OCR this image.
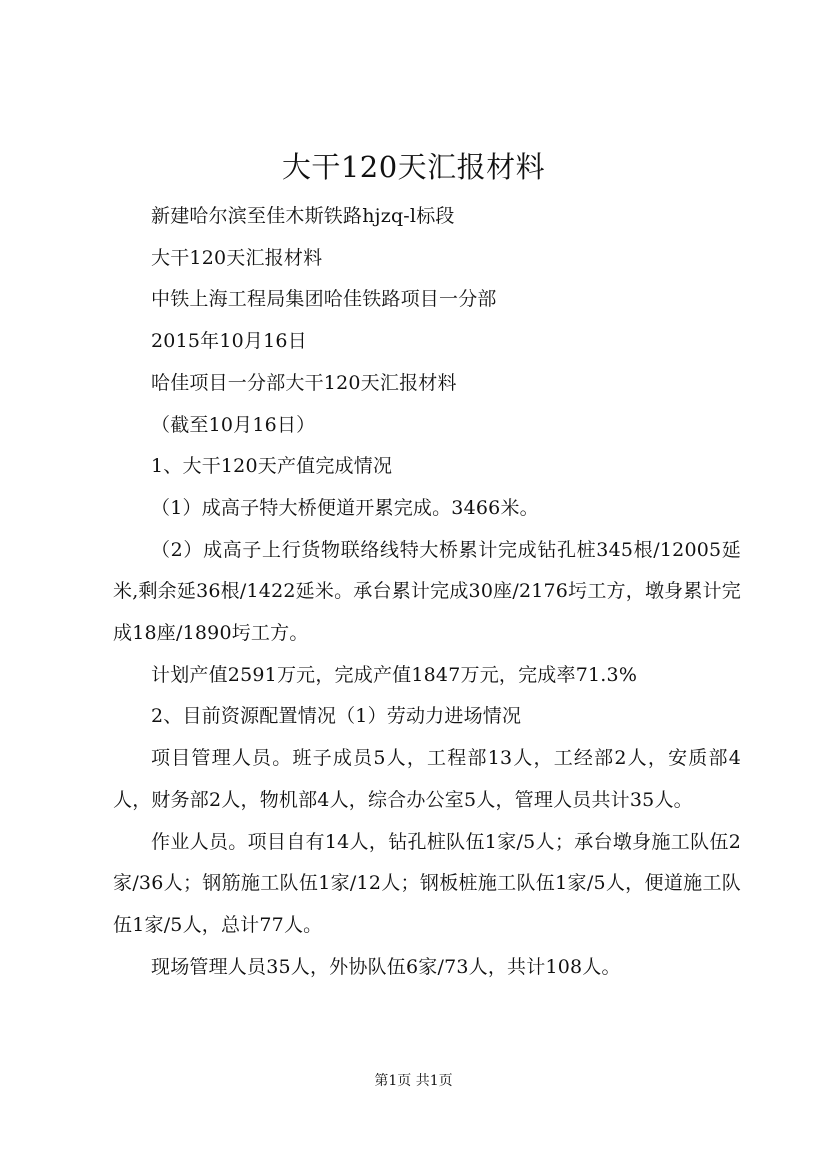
大干120天汇报材料

新建哈尔滨至佳木斯铁路hjzq-l标段

大干120天汇报材料

中铁上海工程局集团哈佳铁路项目一分部

2015年10月16日

哈佳项目一分部大干120天汇报材料

（截至10月16日）

1、大干120天产值完成情况

（1）成高子特大桥便道开累完成。3466米。

（2）成高子上行货物联络线特大桥累计完成钻孔桩345根/12005延米,剩余延36根/1422延米。承台累计完成30座/2176圬工方，墩身累计完成18座/1890圬工方。

计划产值2591万元，完成产值1847万元，完成率71.3%

2、目前资源配置情况（1）劳动力进场情况

项目管理人员。班子成员5人，工程部13人，工经部2人，安质部4人，财务部2人，物机部4人，综合办公室5人，管理人员共计35人。

作业人员。项目自有14人，钻孔桩队伍1家/5人；承台墩身施工队伍2家/36人；钢筋施工队伍1家/12人；钢板桩施工队伍1家/5人，便道施工队伍1家/5人，总计77人。

现场管理人员35人，外协队伍6家/73人，共计108人。

第1页 共1页
